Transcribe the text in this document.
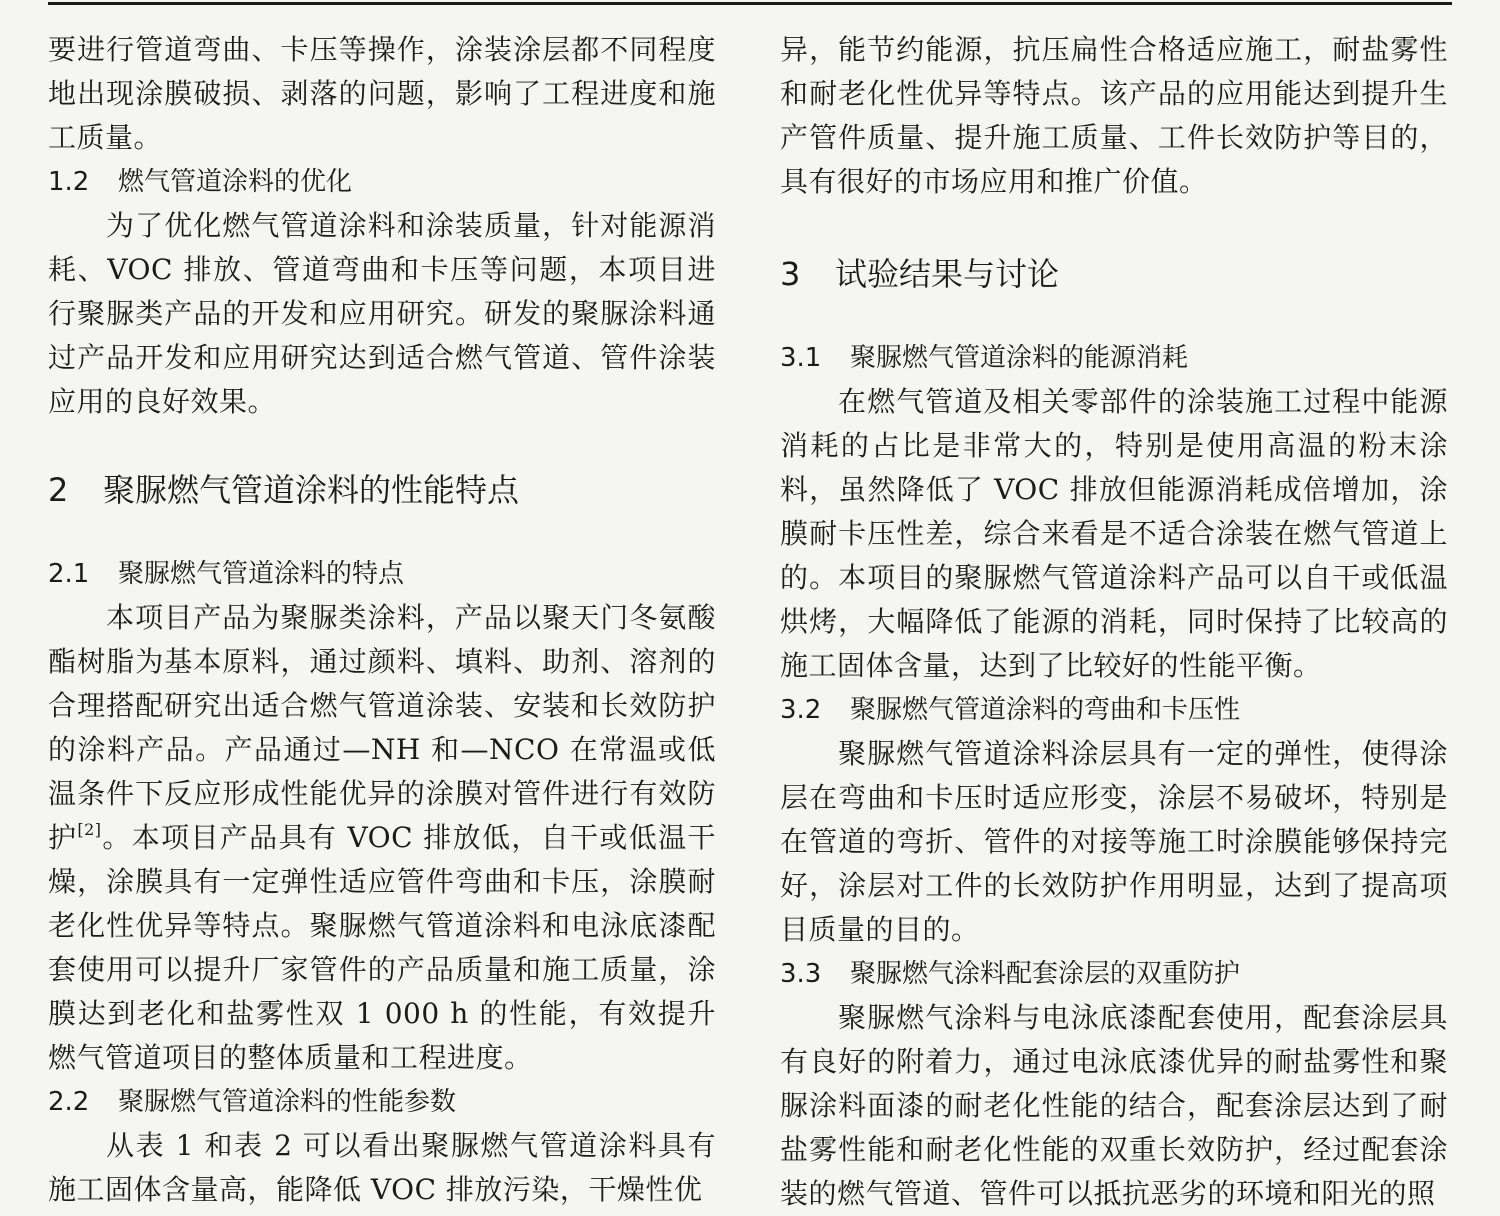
要进行管道弯曲、卡压等操作，涂装涂层都不同程度地出现涂膜破损、剥落的问题，影响了工程进度和施工质量。

1.2 燃气管道涂料的优化

为了优化燃气管道涂料和涂装质量，针对能源消耗、VOC 排放、管道弯曲和卡压等问题，本项目进行聚脲类产品的开发和应用研究。研发的聚脲涂料通过产品开发和应用研究达到适合燃气管道、管件涂装应用的良好效果。

2 聚脲燃气管道涂料的性能特点
2.1 聚脲燃气管道涂料的特点

本项目产品为聚脲类涂料，产品以聚天门冬氨酸酯树脂为基本原料，通过颜料、填料、助剂、溶剂的合理搭配研究出适合燃气管道涂装、安装和长效防护的涂料产品。产品通过—NH 和—NCO 在常温或低温条件下反应形成性能优异的涂膜对管件进行有效防护[2]。本项目产品具有 VOC 排放低，自干或低温干燥，涂膜具有一定弹性适应管件弯曲和卡压，涂膜耐老化性优异等特点。聚脲燃气管道涂料和电泳底漆配套使用可以提升厂家管件的产品质量和施工质量，涂膜达到老化和盐雾性双 1 000 h 的性能，有效提升燃气管道项目的整体质量和工程进度。

2.2 聚脲燃气管道涂料的性能参数

从表 1 和表 2 可以看出聚脲燃气管道涂料具有施工固体含量高，能降低 VOC 排放污染，干燥性优

异，能节约能源，抗压扁性合格适应施工，耐盐雾性和耐老化性优异等特点。该产品的应用能达到提升生产管件质量、提升施工质量、工件长效防护等目的，具有很好的市场应用和推广价值。

3 试验结果与讨论
3.1 聚脲燃气管道涂料的能源消耗

在燃气管道及相关零部件的涂装施工过程中能源消耗的占比是非常大的，特别是使用高温的粉末涂料，虽然降低了 VOC 排放但能源消耗成倍增加，涂膜耐卡压性差，综合来看是不适合涂装在燃气管道上的。本项目的聚脲燃气管道涂料产品可以自干或低温烘烤，大幅降低了能源的消耗，同时保持了比较高的施工固体含量，达到了比较好的性能平衡。

3.2 聚脲燃气管道涂料的弯曲和卡压性

聚脲燃气管道涂料涂层具有一定的弹性，使得涂层在弯曲和卡压时适应形变，涂层不易破坏，特别是在管道的弯折、管件的对接等施工时涂膜能够保持完好，涂层对工件的长效防护作用明显，达到了提高项目质量的目的。

3.3 聚脲燃气涂料配套涂层的双重防护

聚脲燃气涂料与电泳底漆配套使用，配套涂层具有良好的附着力，通过电泳底漆优异的耐盐雾性和聚脲涂料面漆的耐老化性能的结合，配套涂层达到了耐盐雾性能和耐老化性能的双重长效防护，经过配套涂装的燃气管道、管件可以抵抗恶劣的环境和阳光的照
